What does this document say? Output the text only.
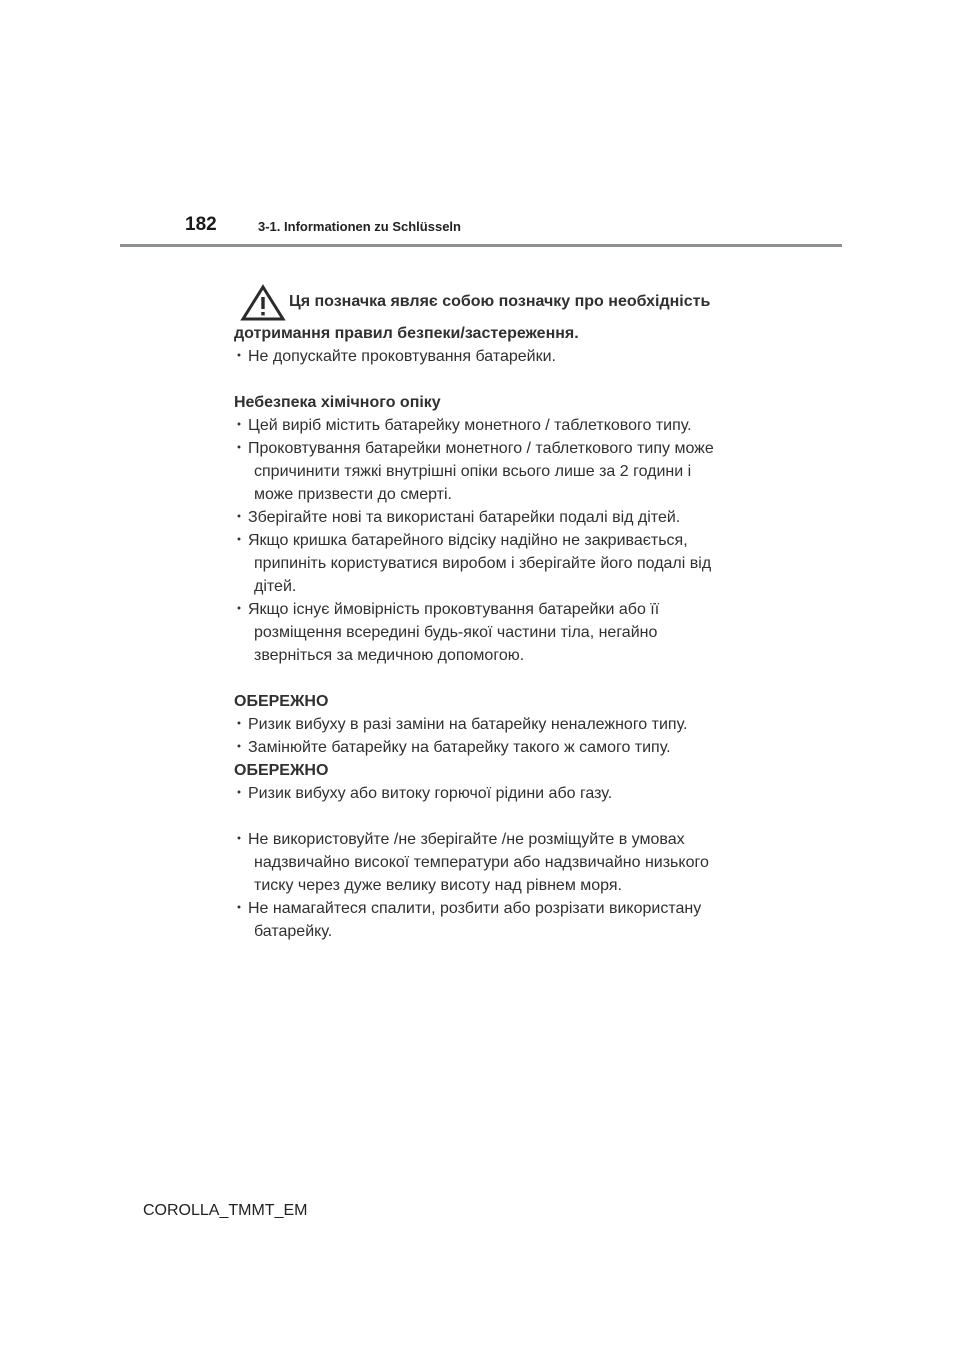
182	3-1. Informationen zu Schlüsseln
Ця позначка являє собою позначку про необхідність
дотримання правил безпеки/застереження.
･ Не допускайте проковтування батарейки.
Небезпека хімічного опіку
･ Цей виріб містить батарейку монетного / таблеткового типу.
･ Проковтування батарейки монетного / таблеткового типу може спричинити тяжкі внутрішні опіки всього лише за 2 години і може призвести до смерті.
･ Зберігайте нові та використані батарейки подалі від дітей.
･ Якщо кришка батарейного відсіку надійно не закривається, припиніть користуватися виробом і зберігайте його подалі від дітей.
･ Якщо існує ймовірність проковтування батарейки або її розміщення всередині будь-якої частини тіла, негайно зверніться за медичною допомогою.
ОБЕРЕЖНО
･ Ризик вибуху в разі заміни на батарейку неналежного типу.
･ Замінюйте батарейку на батарейку такого ж самого типу.
ОБЕРЕЖНО
･ Ризик вибуху або витоку горючої рідини або газу.
･ Не використовуйте /не зберігайте /не розміщуйте в умовах надзвичайно високої температури або надзвичайно низького тиску через дуже велику висоту над рівнем моря.
･ Не намагайтеся спалити, розбити або розрізати використану батарейку.
COROLLA_TMMT_EM
